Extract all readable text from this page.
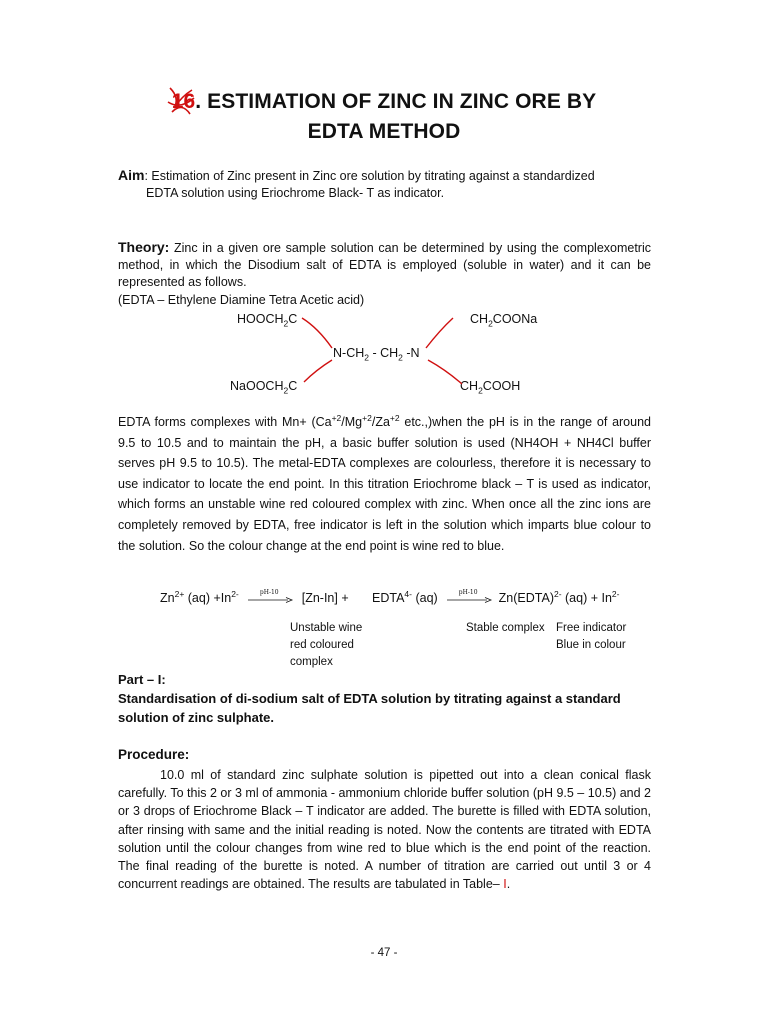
16
. ESTIMATION OF ZINC IN ZINC ORE BY
EDTA METHOD
Aim: Estimation of Zinc present in Zinc ore solution by titrating against a standardized
EDTA solution using Eriochrome Black- T as indicator.
Theory: Zinc in a given ore sample solution can be determined by using the complexometric method, in which the Disodium salt of EDTA is employed (soluble in water) and it can be represented as follows.
(EDTA – Ethylene Diamine Tetra Acetic acid)
$HOOCH_2C$	$CH_2COONa$
$N-CH_2 - CH_2$ -N
NaOOCH$_2$C	$CH_2COOH$
EDTA forms complexes with $Mn+ (Ca^{+2}/Mg^{+2}/Za^{+2}$ etc.,)when the pH is in the range of around 9.5 to 10.5 and to maintain the pH, a basic buffer solution is used (NH4OH + NH4Cl buffer serves pH 9.5 to 10.5). The metal-EDTA complexes are colourless, therefore it is necessary to use indicator to locate the end point. In this titration Eriochrome black – T is used as indicator, which forms an unstable wine red coloured complex with zinc. When once all the zinc ions are completely removed by EDTA, free indicator is left in the solution which imparts blue colour to the solution. So the colour change at the end point is wine red to blue.
$Zn^{2+}$ $(aq) +In^{2-}$	pH-10	$[Zn-In] + EDTA^{4-}$ (aq)	pH-10	Zn(EDTA)$^{2-}$ $(aq) + In^{2-}$
Unstable wine
red coloured
complex
Stable complex Free indicator
Blue in colour
Part – I:
Standardisation of di-sodium salt of EDTA solution by titrating against a standard solution of zinc sulphate.
Procedure:
10.0 ml of standard zinc sulphate solution is pipetted out into a clean conical flask carefully. To this 2 or 3 ml of ammonia - ammonium chloride buffer solution (pH 9.5 – 10.5) and 2 or 3 drops of Eriochrome Black – T indicator are added. The burette is filled with EDTA solution, after rinsing with same and the initial reading is noted. Now the contents are titrated with EDTA solution until the colour changes from wine red to blue which is the end point of the reaction. The final reading of the burette is noted. A number of titration are carried out until 3 or 4 concurrent readings are obtained. The results are tabulated in Table– I.
- 47 -
